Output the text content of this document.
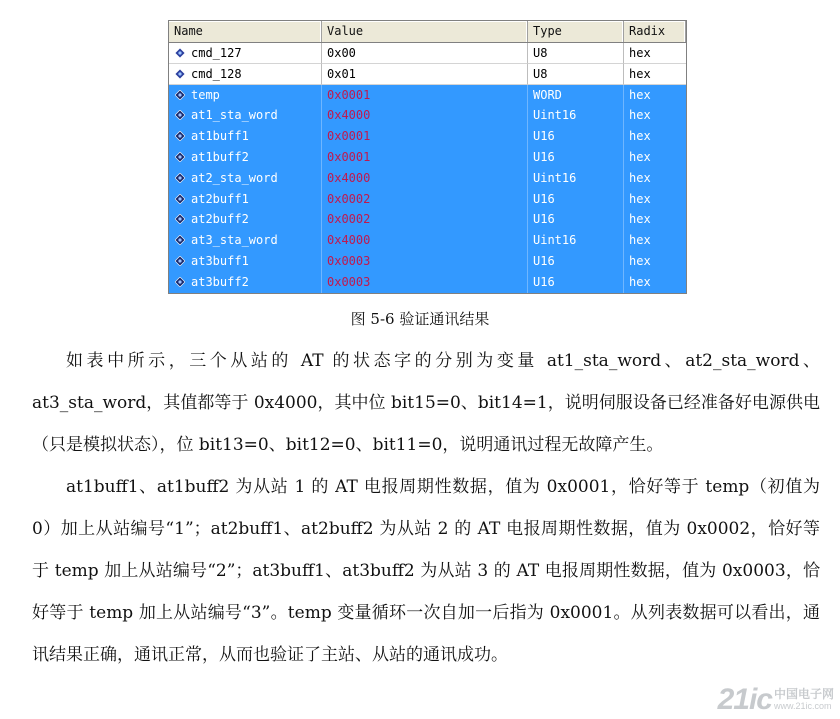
Name	Value	Type	Radix
cmd_127	0x00	U8	hex
cmd_128	0x01	U8	hex
temp	0x0001	WORD	hex
at1_sta_word	0x4000	Uint16	hex
at1buff1	0x0001	U16	hex
at1buff2	0x0001	U16	hex
at2_sta_word	0x4000	Uint16	hex
at2buff1	0x0002	U16	hex
at2buff2	0x0002	U16	hex
at3_sta_word	0x4000	Uint16	hex
at3buff1	0x0003	U16	hex
at3buff2	0x0003	U16	hex
图 5-6 验证通讯结果
如表中所示，三个从站的 AT 的状态字的分别为变量 at1_sta_word、at2_sta_word、at3_sta_word，其值都等于 0x4000，其中位 bit15=0、bit14=1，说明伺服设备已经准备好电源供电（只是模拟状态），位 bit13=0、bit12=0、bit11=0，说明通讯过程无故障产生。
at1buff1、at1buff2 为从站 1 的 AT 电报周期性数据，值为 0x0001，恰好等于 temp（初值为 0）加上从站编号“1”；at2buff1、at2buff2 为从站 2 的 AT 电报周期性数据，值为 0x0002，恰好等于 temp 加上从站编号“2”；at3buff1、at3buff2 为从站 3 的 AT 电报周期性数据，值为 0x0003，恰好等于 temp 加上从站编号“3”。temp 变量循环一次自加一后指为 0x0001。从列表数据可以看出，通讯结果正确，通讯正常，从而也验证了主站、从站的通讯成功。
21ic 中国电子网
www.21ic.com
